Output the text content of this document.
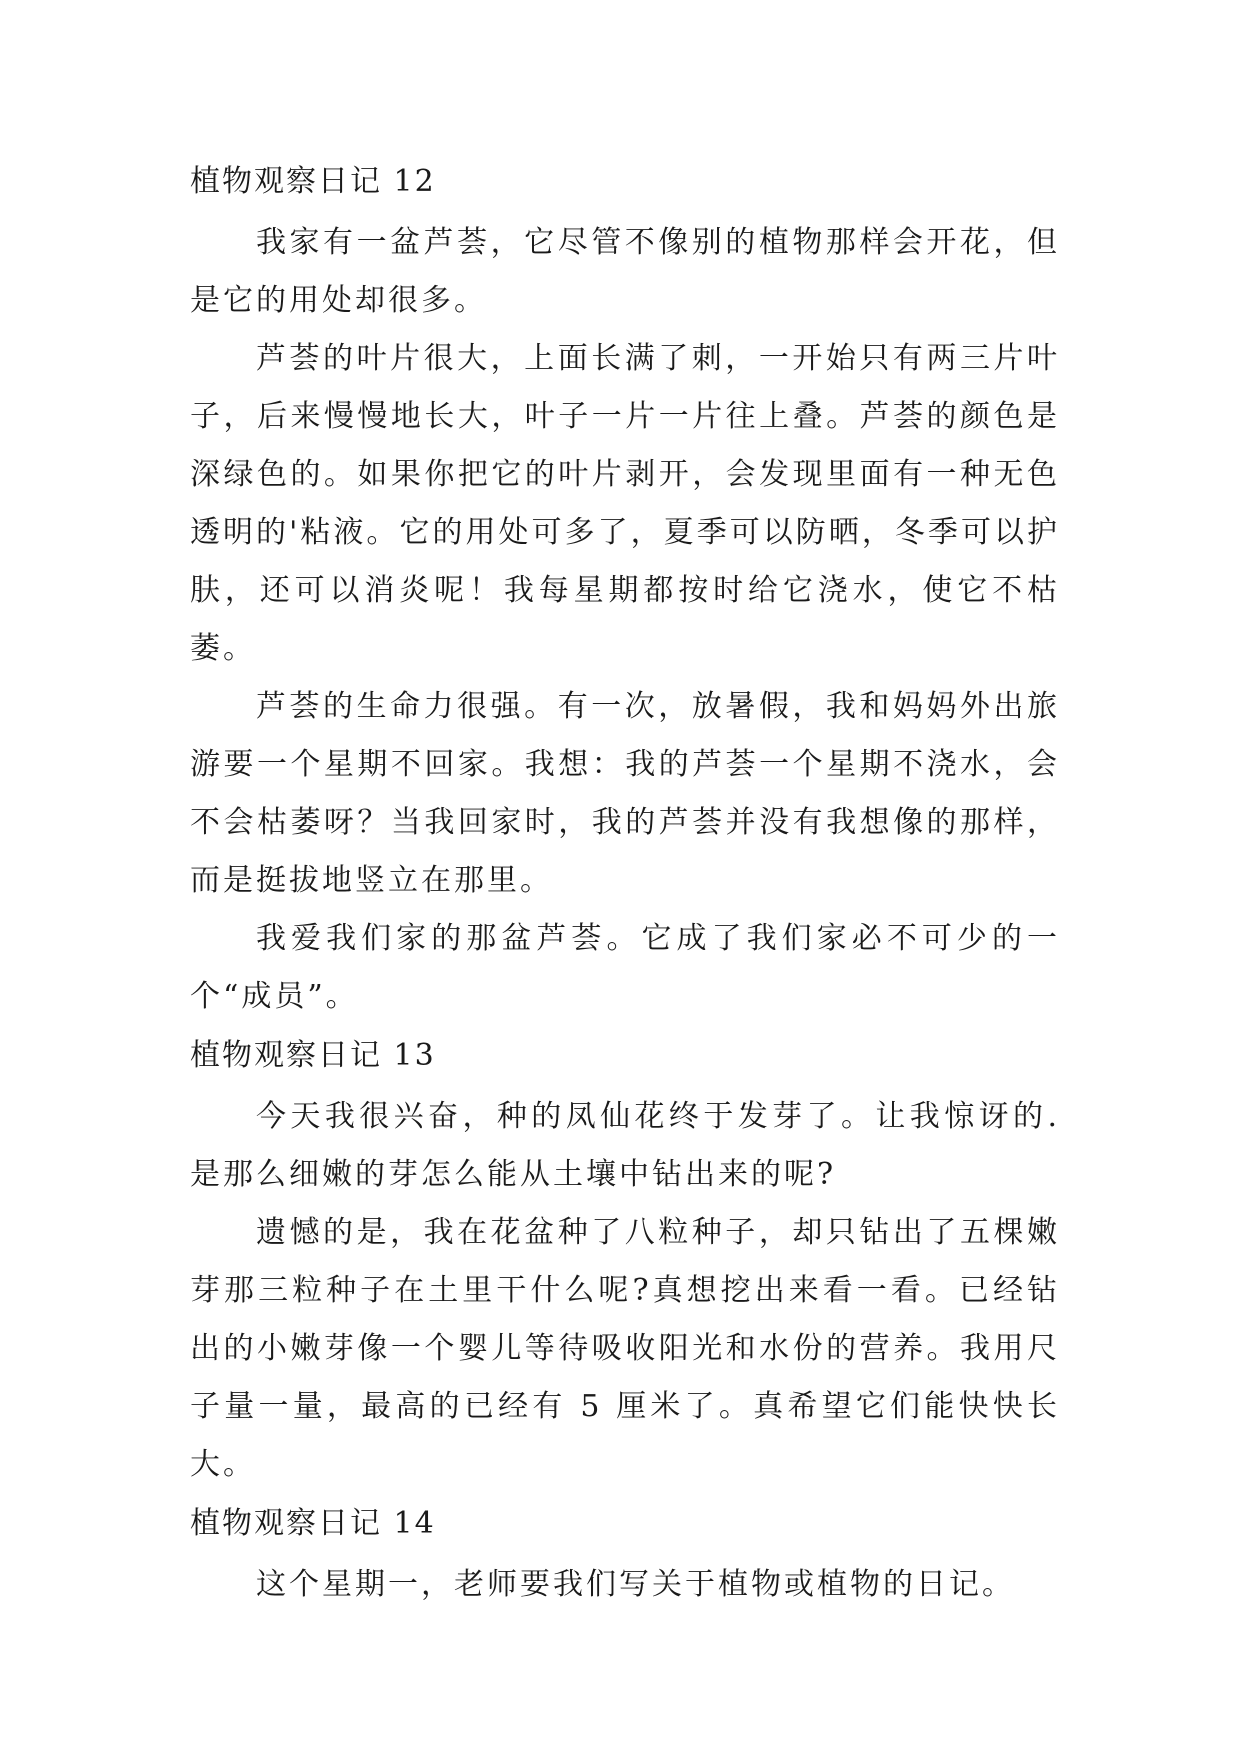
植物观察日记 12

我家有一盆芦荟，它尽管不像别的植物那样会开花，但是它的用处却很多。

芦荟的叶片很大，上面长满了刺，一开始只有两三片叶子，后来慢慢地长大，叶子一片一片往上叠。芦荟的颜色是深绿色的。如果你把它的叶片剥开，会发现里面有一种无色透明的'粘液。它的用处可多了，夏季可以防晒，冬季可以护肤，还可以消炎呢！我每星期都按时给它浇水，使它不枯萎。

芦荟的生命力很强。有一次，放暑假，我和妈妈外出旅游要一个星期不回家。我想：我的芦荟一个星期不浇水，会不会枯萎呀？当我回家时，我的芦荟并没有我想像的那样，而是挺拔地竖立在那里。

我爱我们家的那盆芦荟。它成了我们家必不可少的一个“成员”。

植物观察日记 13

今天我很兴奋，种的凤仙花终于发芽了。让我惊讶的.是那么细嫩的芽怎么能从土壤中钻出来的呢?

遗憾的是，我在花盆种了八粒种子，却只钻出了五棵嫩芽那三粒种子在土里干什么呢?真想挖出来看一看。已经钻出的小嫩芽像一个婴儿等待吸收阳光和水份的营养。我用尺子量一量，最高的已经有 5 厘米了。真希望它们能快快长大。

植物观察日记 14

这个星期一，老师要我们写关于植物或植物的日记。
